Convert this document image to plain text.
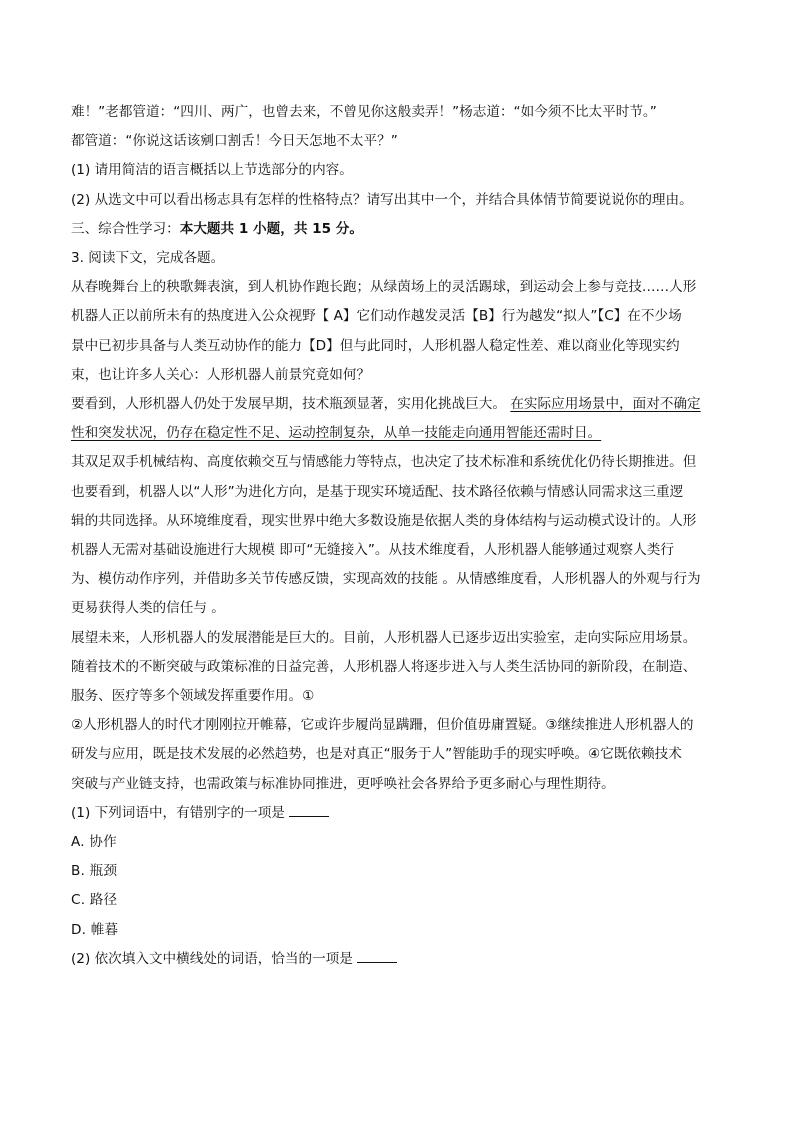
难！”老都管道：“四川、两广，也曾去来，不曾见你这般卖弄！”杨志道：“如今须不比太平时节。”

都管道：“你说这话该剜口割舌！今日天怎地不太平？”

(1) 请用简洁的语言概括以上节选部分的内容。

(2) 从选文中可以看出杨志具有怎样的性格特点？请写出其中一个，并结合具体情节简要说说你的理由。

三、综合性学习：本大题共 1 小题，共 15 分。

3. 阅读下文，完成各题。

从春晚舞台上的秧歌舞表演，到人机协作跑长跑；从绿茵场上的灵活踢球，到运动会上参与竞技……人形

机器人正以前所未有的热度进入公众视野【 A】它们动作越发灵活【B】行为越发“拟人”【C】在不少场

景中已初步具备与人类互动协作的能力【D】但与此同时，人形机器人稳定性差、难以商业化等现实约

束，也让许多人关心：人形机器人前景究竟如何？

要看到，人形机器人仍处于发展早期，技术瓶颈显著，实用化挑战巨大。 在实际应用场景中，面对不确定

性和突发状况，仍存在稳定性不足、运动控制复杂，从单一技能走向通用智能还需时日。

其双足双手机械结构、高度依赖交互与情感能力等特点，也决定了技术标准和系统优化仍待长期推进。但

也要看到，机器人以“人形”为进化方向，是基于现实环境适配、技术路径依赖与情感认同需求这三重逻

辑的共同选择。从环境维度看，现实世界中绝大多数设施是依据人类的身体结构与运动模式设计的。人形

机器人无需对基础设施进行大规模 即可“无缝接入”。从技术维度看，人形机器人能够通过观察人类行

为、模仿动作序列，并借助多关节传感反馈，实现高效的技能 。从情感维度看，人形机器人的外观与行为

更易获得人类的信任与 。

展望未来，人形机器人的发展潜能是巨大的。目前，人形机器人已逐步迈出实验室，走向实际应用场景。

随着技术的不断突破与政策标准的日益完善，人形机器人将逐步进入与人类生活协同的新阶段，在制造、

服务、医疗等多个领域发挥重要作用。①

②人形机器人的时代才刚刚拉开帷幕，它或许步履尚显蹒跚，但价值毋庸置疑。③继续推进人形机器人的

研发与应用，既是技术发展的必然趋势，也是对真正“服务于人”智能助手的现实呼唤。④它既依赖技术

突破与产业链支持，也需政策与标准协同推进，更呼唤社会各界给予更多耐心与理性期待。

(1) 下列词语中，有错别字的一项是

A. 协作

B. 瓶颈

C. 路径

D. 帷暮

(2) 依次填入文中横线处的词语，恰当的一项是
